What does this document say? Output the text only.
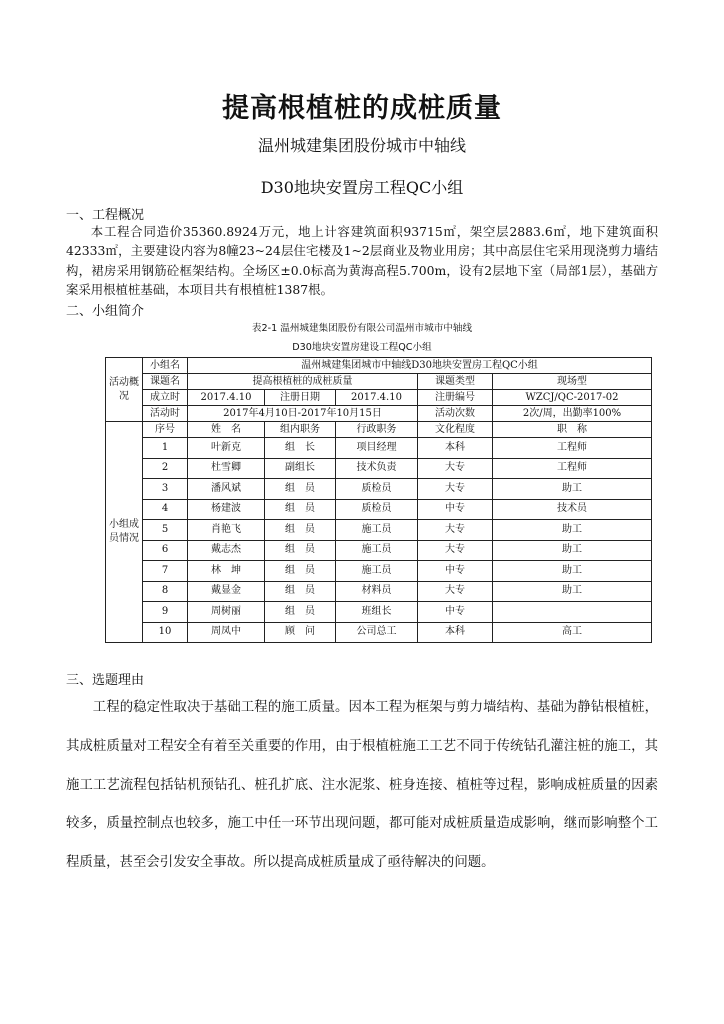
提高根植桩的成桩质量
温州城建集团股份城市中轴线
D30地块安置房工程QC小组
一、工程概况

本工程合同造价35360.8924万元，地上计容建筑面积93715㎡，架空层2883.6㎡，地下建筑面积42333㎡，主要建设内容为8幢23~24层住宅楼及1~2层商业及物业用房；其中高层住宅采用现浇剪力墙结构，裙房采用钢筋砼框架结构。全场区±0.0标高为黄海高程5.700m，设有2层地下室（局部1层），基础方案采用根植桩基础，本项目共有根植桩1387根。

二、小组简介
表2-1 温州城建集团股份有限公司温州市城市中轴线
D30地块安置房建设工程QC小组
活动概况	小组名	温州城建集团城市中轴线D30地块安置房工程QC小组				
	课题名	提高根植桩的成桩质量			课题类型	现场型
	成立时	2017.4.10	注册日期	2017.4.10	注册编号	WZCJ/QC-2017-02
	活动时	2017年4月10日-2017年10月15日			活动次数	2次/周，出勤率100%
小组成员情况	序号	姓　名	组内职务	行政职务	文化程度	职　称
	1	叶新克	组　长	项目经理	本科	工程师
	2	杜雪卿	副组长	技术负责	大专	工程师
	3	潘风斌	组　员	质检员	大专	助工
	4	杨建波	组　员	质检员	中专	技术员
	5	肖艳飞	组　员	施工员	大专	助工
	6	戴志杰	组　员	施工员	大专	助工
	7	林　坤	组　员	施工员	中专	助工
	8	戴显金	组　员	材料员	大专	助工
	9	周树丽	组　员	班组长	中专	
	10	周凤中	顾　问	公司总工	本科	高工
三、选题理由

工程的稳定性取决于基础工程的施工质量。因本工程为框架与剪力墙结构、基础为静钻根植桩，其成桩质量对工程安全有着至关重要的作用，由于根植桩施工工艺不同于传统钻孔灌注桩的施工，其施工工艺流程包括钻机预钻孔、桩孔扩底、注水泥浆、桩身连接、植桩等过程，影响成桩质量的因素较多，质量控制点也较多，施工中任一环节出现问题，都可能对成桩质量造成影响，继而影响整个工程质量，甚至会引发安全事故。所以提高成桩质量成了亟待解决的问题。
